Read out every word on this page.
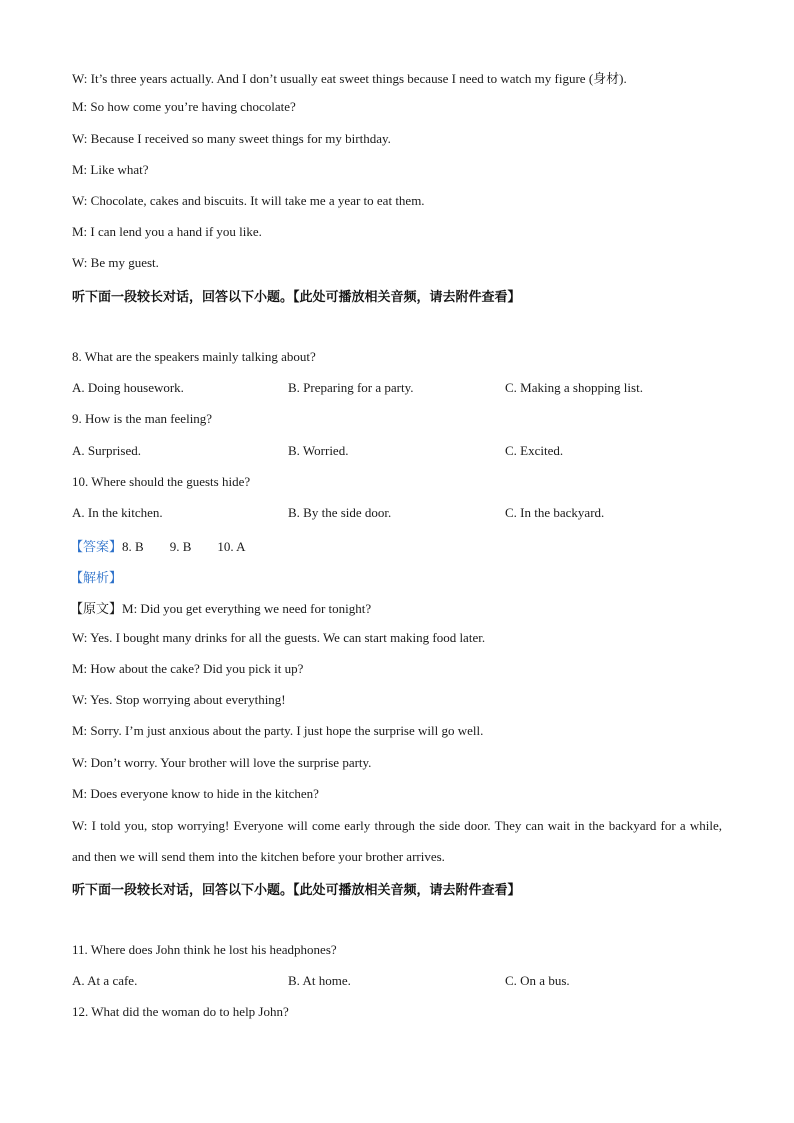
W: It’s three years actually. And I don’t usually eat sweet things because I need to watch my figure (身材).
M: So how come you’re having chocolate?
W: Because I received so many sweet things for my birthday.
M: Like what?
W: Chocolate, cakes and biscuits. It will take me a year to eat them.
M: I can lend you a hand if you like.
W: Be my guest.
听下面一段较长对话，回答以下小题。【此处可播放相关音频，请去附件查看】
8. What are the speakers mainly talking about?
A. Doing housework.	B. Preparing for a party.	C. Making a shopping list.
9. How is the man feeling?
A. Surprised.	B. Worried.	C. Excited.
10. Where should the guests hide?
A. In the kitchen.	B. By the side door.	C. In the backyard.
【答案】8. B 9. B 10. A
【解析】
【原文】M: Did you get everything we need for tonight?
W: Yes. I bought many drinks for all the guests. We can start making food later.
M: How about the cake? Did you pick it up?
W: Yes. Stop worrying about everything!
M: Sorry. I’m just anxious about the party. I just hope the surprise will go well.
W: Don’t worry. Your brother will love the surprise party.
M: Does everyone know to hide in the kitchen?
W: I told you, stop worrying! Everyone will come early through the side door. They can wait in the backyard for a while, and then we will send them into the kitchen before your brother arrives.
听下面一段较长对话，回答以下小题。【此处可播放相关音频，请去附件查看】
11. Where does John think he lost his headphones?
A. At a cafe.	B. At home.	C. On a bus.
12. What did the woman do to help John?
